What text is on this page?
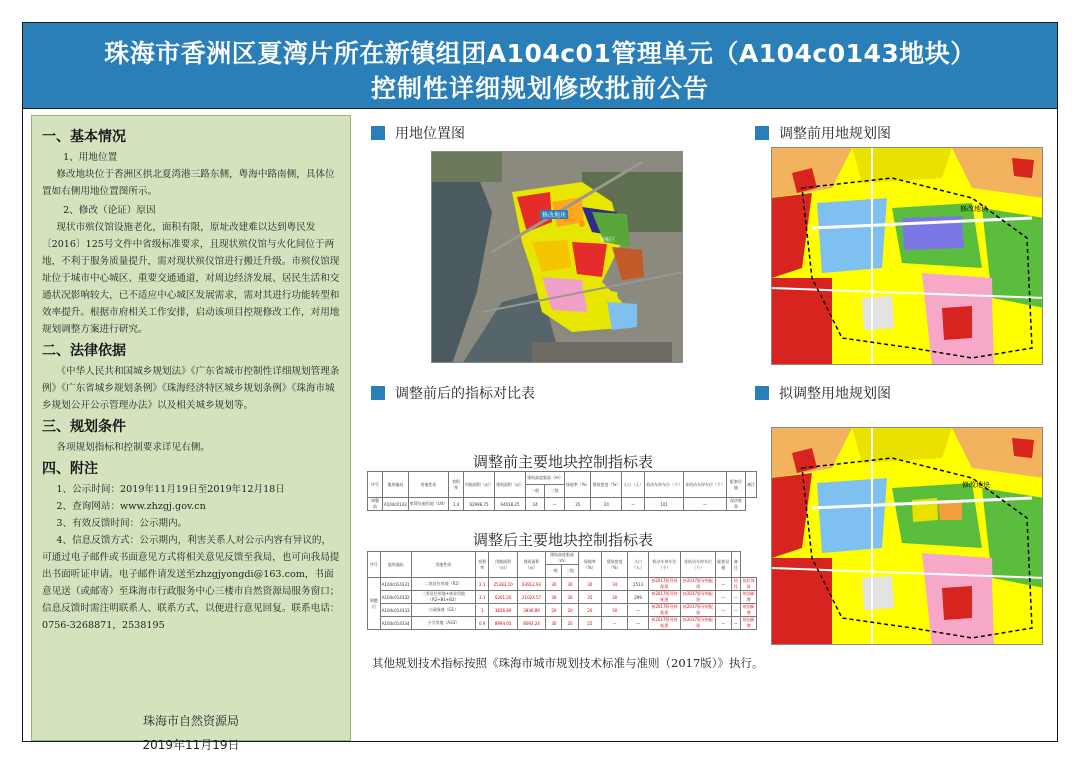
珠海市香洲区夏湾片所在新镇组团A104c01管理单元（A104c0143地块）
控制性详细规划修改批前公告
一、基本情况

1、用地位置

修改地块位于香洲区拱北夏湾港三路东侧，粤海中路南侧，具体位置如右侧用地位置图所示。

2、修改（论证）原因

现状市殡仪馆设施老化，面积有限，原址改建难以达到粤民发〔2016〕125号文件中省级标准要求，且现状殡仪馆与火化间位于两地，不利于服务质量提升，需对现状殡仪馆进行搬迁升级。市殡仪馆现址位于城市中心城区、重要交通通道，对周边经济发展、居民生活和交通状况影响较大，已不适应中心城区发展需求，需对其进行功能转型和效率提升。根据市府相关工作安排，启动该项目控规修改工作，对用地规划调整方案进行研究。

二、法律依据

《中华人民共和国城乡规划法》《广东省城市控制性详细规划管理条例》《广东省城乡规划条例》《珠海经济特区城乡规划条例》《珠海市城乡规划公开公示管理办法》以及相关城乡规划等。

三、规划条件

各项规划指标和控制要求详见右侧。

四、附注

1、公示时间：2019年11月19日至2019年12月18日

2、查询网站：www.zhzgj.gov.cn

3、有效反馈时间：公示期内。

4、信息反馈方式：公示期内，利害关系人对公示内容有异议的，可通过电子邮件或书面意见方式将相关意见反馈至我局，也可向我局提出书面听证申请。电子邮件请发送至zhzgjyongdi@163.com，书面意见送（或邮寄）至珠海市行政服务中心三楼市自然资源局服务窗口；信息反馈时需注明联系人、联系方式，以便进行意见回复。联系电话：0756-3268871，2538195

珠海市自然资源局
2019年11月19日
用地位置图	调整前用地规划图
调整前后的指标对比表	拟调整用地规划图
修改地块
保税区
修改地块
修改地块
调整前主要地块控制指标表
序号	地块编码	用地性质	容积率	用地面积（㎡）	建筑面积（㎡）	建筑高度限高（m）		绿地率（%）	建筑密度（%）	人口（人）	机动车停车位（个）	非机动车停车位（个）	配套设施	备注
						一般	二级							
调整前	A104c0143	殡葬设施用地（U4）	1.4	62998.75	94038.25	24	—	35	24	—	101	—	现状殡葬	
调整后主要地块控制指标表
序号	地块编码	用地性质	容积率	用地面积（㎡）	建筑面积（㎡）	建筑高度限高（m）		绿地率（%）	建筑密度（%）	人口（人）	机动车停车位（个）	非机动车停车位（个）	配套设施	备注	
						一般	二级								
调整后	A104c014331	二类居住用地（R2）	2.1	25383.10	63912.93	30	30	30	34	2513	按2017版导则配建	按2017版导则配建	—	幼托	现状保留
	A104c014332	二类居住用地+商业用地（R2+B1+B2）	3.1	6201.20	21024.57	30	30	35	30	299	按2017版导则配建	按2017版导则配建	—	—	规划新增
	A104c014333	公园绿地（G1）	1	3836.89	3836.89	20	20	20	30	—	按2017版导则配建	按2017版导则配建	—	—	规划新增
	A104c014334	小学用地（A33）	0.9	8994.05	8092.24	30	20	25	—	—	按2017版导则配建	按2017版导则配建	—	—	规划新增
其他规划技术指标按照《珠海市城市规划技术标准与准则（2017版）》执行。
